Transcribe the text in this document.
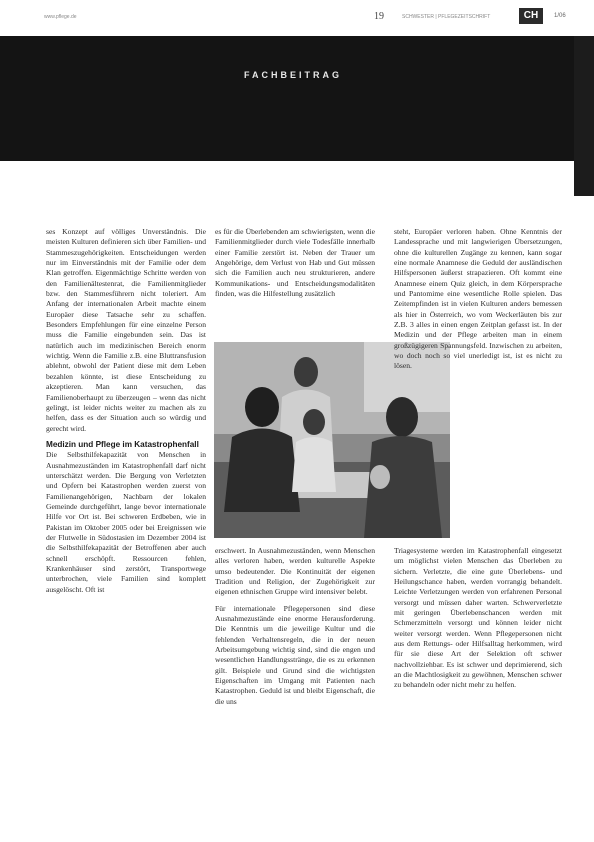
www.pflege.de	19	SCHWESTER | PFLEGEZEITSCHRIFT	CH	1/06
FACHBEITRAG

ses Konzept auf völliges Unverständnis. Die meisten Kulturen definieren sich über Familien- und Stammeszugehörigkeiten. Entscheidungen werden nur im Einverständnis mit der Familie oder dem Klan getroffen. Eigenmächtige Schritte werden von den Familienältestenrat, die Familienmitglieder bzw. den Stammesführern nicht toleriert. Am Anfang der internationalen Arbeit machte einem Europäer diese Tatsache sehr zu schaffen. Besonders Empfehlungen für eine einzelne Person muss die Familie eingebunden sein. Das ist natürlich auch im medizinischen Bereich enorm wichtig. Wenn die Familie z.B. eine Bluttransfusion ablehnt, obwohl der Patient diese mit dem Leben bezahlen könnte, ist diese Entscheidung zu akzeptieren. Man kann versuchen, das Familienoberhaupt zu überzeugen – wenn das nicht gelingt, ist leider nichts weiter zu machen als zu helfen, dass es der Situation auch so würdig und gerecht wird.

Medizin und Pflege im Katastrophenfall

Die Selbsthilfekapazität von Menschen in Ausnahmezuständen im Katastrophenfall darf nicht unterschätzt werden. Die Bergung von Verletzten und Opfern bei Katastrophen werden zuerst von Familienangehörigen, Nachbarn der lokalen Gemeinde durchgeführt, lange bevor internationale Hilfe vor Ort ist. Bei schweren Erdbeben, wie in Pakistan im Oktober 2005 oder bei Ereignissen wie der Flutwelle in Südostasien im Dezember 2004 ist die Selbsthilfekapazität der Betroffenen aber auch schnell erschöpft. Ressourcen fehlen, Krankenhäuser sind zerstört, Transportwege unterbrochen, viele Familien sind komplett ausgelöscht. Oft ist

es für die Überlebenden am schwierigsten, wenn die Familienmitglieder durch viele Todesfälle innerhalb einer Familie zerstört ist. Neben der Trauer um Angehörige, dem Verlust von Hab und Gut müssen sich die Familien auch neu strukturieren, andere Kommunikations- und Entscheidungsmodalitäten finden, was die Hilfestellung zusätzlich

erschwert. In Ausnahmezuständen, wenn Menschen alles verloren haben, werden kulturelle Aspekte umso bedeutender. Die Kontinuität der eigenen Tradition und Religion, der Zugehörigkeit zur eigenen ethnischen Gruppe wird intensiver belebt.

Für internationale Pflegepersonen sind diese Ausnahmezustände eine enorme Herausforderung. Die Kenntnis um die jeweilige Kultur und die fehlenden Verhaltensregeln, die in der neuen Arbeitsumgebung wichtig sind, sind die engen und wesentlichen Handlungsstränge, die es zu erkennen gilt. Beispiele und Grund sind die wichtigsten Eigenschaften im Umgang mit Patienten nach Katastrophen. Geduld ist und bleibt Eigenschaft, die die uns

steht, Europäer verloren haben. Ohne Kenntnis der Landessprache und mit langwierigen Übersetzungen, ohne die kulturellen Zugänge zu kennen, kann sogar eine normale Anamnese die Geduld der ausländischen Hilfspersonen äußerst strapazieren. Oft kommt eine Anamnese einem Quiz gleich, in dem Körpersprache und Pantomime eine wesentliche Rolle spielen. Das Zeitempfinden ist in vielen Kulturen anders bemessen als hier in Österreich, wo vom Weckerläuten bis zur Z.B. 3 alles in einen engen Zeitplan gefasst ist. In der Medizin und der Pflege arbeiten man in einem großzügigeren Spannungsfeld. Inzwischen zu arbeiten, wo doch noch so viel unerledigt ist, ist es nicht zu lösen.

Triagesysteme werden im Katastrophenfall eingesetzt um möglichst vielen Menschen das Überleben zu sichern. Verletzte, die eine gute Überlebens- und Heilungschance haben, werden vorrangig behandelt. Leichte Verletzungen werden von erfahrenen Personal versorgt und müssen daher warten. Schwerverletzte mit geringen Überlebenschancen werden mit Schmerzmitteln versorgt und können leider nicht weiter versorgt werden. Wenn Pflegepersonen nicht aus dem Rettungs- oder Hilfsalltag herkommen, wird für sie diese Art der Selektion oft schwer nachvollziehbar. Es ist schwer und deprimierend, sich an die Machtlosigkeit zu gewöhnen, Menschen schwer zu behandeln oder nicht mehr zu helfen.
